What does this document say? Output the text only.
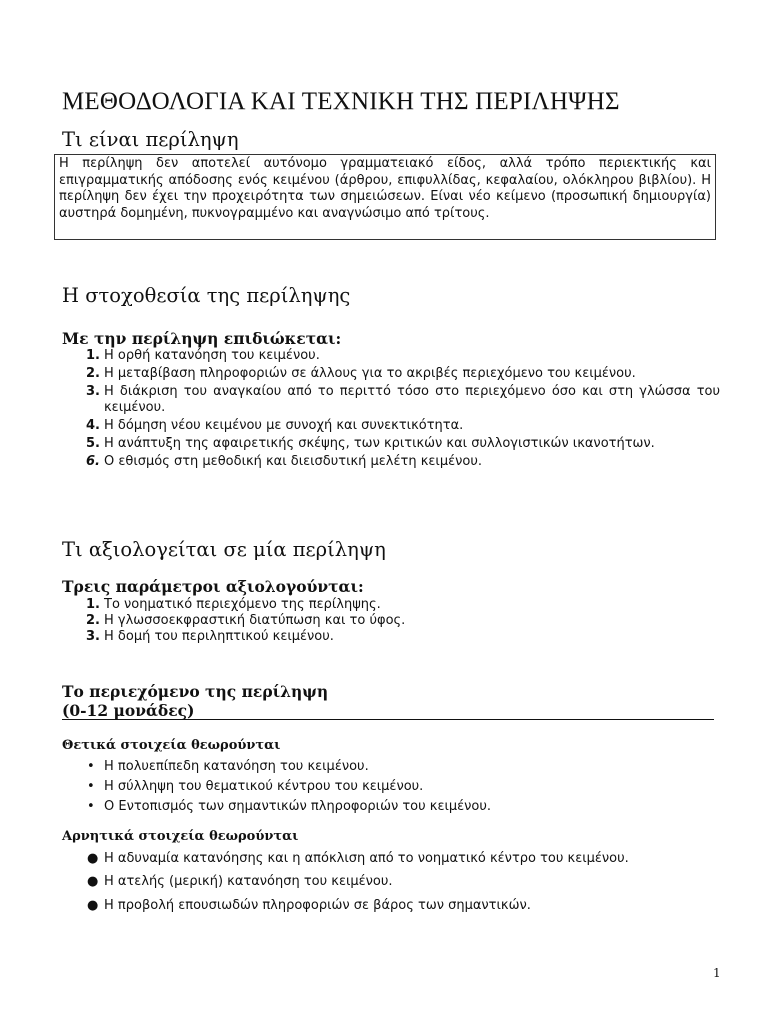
ΜΕΘΟΔΟΛΟΓΙΑ ΚΑΙ ΤΕΧΝΙΚΗ ΤΗΣ ΠΕΡΙΛΗΨΗΣ
Τι είναι περίληψη

Η περίληψη δεν αποτελεί αυτόνομο γραμματειακό είδος, αλλά τρόπο περιεκτικής και επιγραμματικής απόδοσης ενός κειμένου (άρθρου, επιφυλλίδας, κεφαλαίου, ολόκληρου βιβλίου). Η περίληψη δεν έχει την προχειρότητα των σημειώσεων. Είναι νέο κείμενο (προσωπική δημιουργία) αυστηρά δομημένη, πυκνογραμμένο και αναγνώσιμο από τρίτους.

Η στοχοθεσία της περίληψης
Με την περίληψη επιδιώκεται:
1. Η ορθή κατανόηση του κειμένου.
2. Η μεταβίβαση πληροφοριών σε άλλους για το ακριβές περιεχόμενο του κειμένου.
3. Η διάκριση του αναγκαίου από το περιττό τόσο στο περιεχόμενο όσο και στη γλώσσα του κειμένου.
4. Η δόμηση νέου κειμένου με συνοχή και συνεκτικότητα.
5. Η ανάπτυξη της αφαιρετικής σκέψης, των κριτικών και συλλογιστικών ικανοτήτων.
6. Ο εθισμός στη μεθοδική και διεισδυτική μελέτη κειμένου.
Τι αξιολογείται σε μία περίληψη
Τρεις παράμετροι αξιολογούνται:
1. Το νοηματικό περιεχόμενο της περίληψης.
2. Η γλωσσοεκφραστική διατύπωση και το ύφος.
3. Η δομή του περιληπτικού κειμένου.
Το περιεχόμενο της περίληψη
(0-12 μονάδες)
Θετικά στοιχεία θεωρούνται
• Η πολυεπίπεδη κατανόηση του κειμένου.
• Η σύλληψη του θεματικού κέντρου του κειμένου.
• Ο Εντοπισμός των σημαντικών πληροφοριών του κειμένου.
Αρνητικά στοιχεία θεωρούνται
● Η αδυναμία κατανόησης και η απόκλιση από το νοηματικό κέντρο του κειμένου.
● Η ατελής (μερική) κατανόηση του κειμένου.
● Η προβολή επουσιωδών πληροφοριών σε βάρος των σημαντικών.
1
